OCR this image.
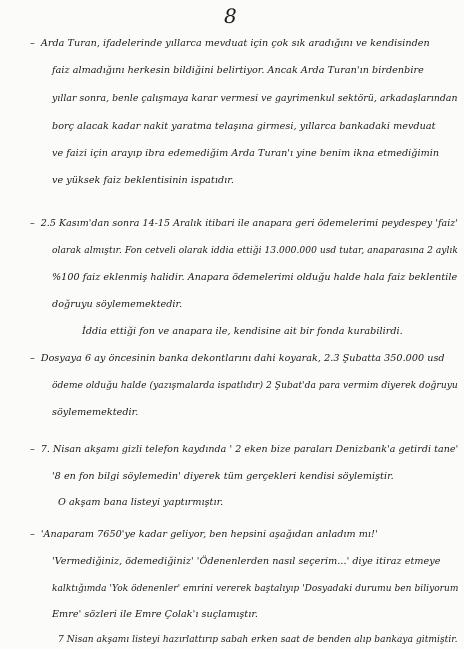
8
– Arda Turan, ifadelerinde yıllarca mevduat için çok sık aradığını ve kendisinden
faiz almadığını herkesin bildiğini belirtiyor. Ancak Arda Turan'ın birdenbire
yıllar sonra, benle çalışmaya karar vermesi ve gayrimenkul sektörü, arkadaşlarından
borç alacak kadar nakit yaratma telaşına girmesi, yıllarca bankadaki mevduat
ve faizi için arayıp ibra edemediğim Arda Turan'ı yine benim ikna etmediğimin
ve yüksek faiz beklentisinin ispatıdır.
– 2.5 Kasım'dan sonra 14-15 Aralık itibari ile anapara geri ödemelerimi peydespey 'faiz'
olarak almıştır. Fon cetveli olarak iddia ettiği 13.000.000 usd tutar, anaparasına 2 aylık
%100 faiz eklenmiş halidir. Anapara ödemelerimi olduğu halde hala faiz beklentile
doğruyu söylememektedir.
İddia ettiği fon ve anapara ile, kendisine ait bir fonda kurabilirdi.
– Dosyaya 6 ay öncesinin banka dekontlarını dahi koyarak, 2.3 Şubatta 350.000 usd
ödeme olduğu halde (yazışmalarda ispatlıdır) 2 Şubat'da para vermim diyerek doğruyu
söylememektedir.
– 7. Nisan akşamı gizli telefon kaydında ' 2 eken bize paraları Denizbank'a getirdi tane'
'8 en fon bilgi söylemedin' diyerek tüm gerçekleri kendisi söylemiştir.
O akşam bana listeyi yaptırmıştır.
– 'Anaparam 7650'ye kadar geliyor, ben hepsini aşağıdan anladım mı!'
'Vermediğiniz, ödemediğiniz' 'Ödenenlerden nasıl seçerim...' diye itiraz etmeye
kalktığımda 'Yok ödenenler' emrini vererek baştalıyıp 'Dosyadaki durumu ben biliyorum
Emre' sözleri ile Emre Çolak'ı suçlamıştır.
7 Nisan akşamı listeyi hazırlattırıp sabah erken saat de benden alıp bankaya gitmiştir.
